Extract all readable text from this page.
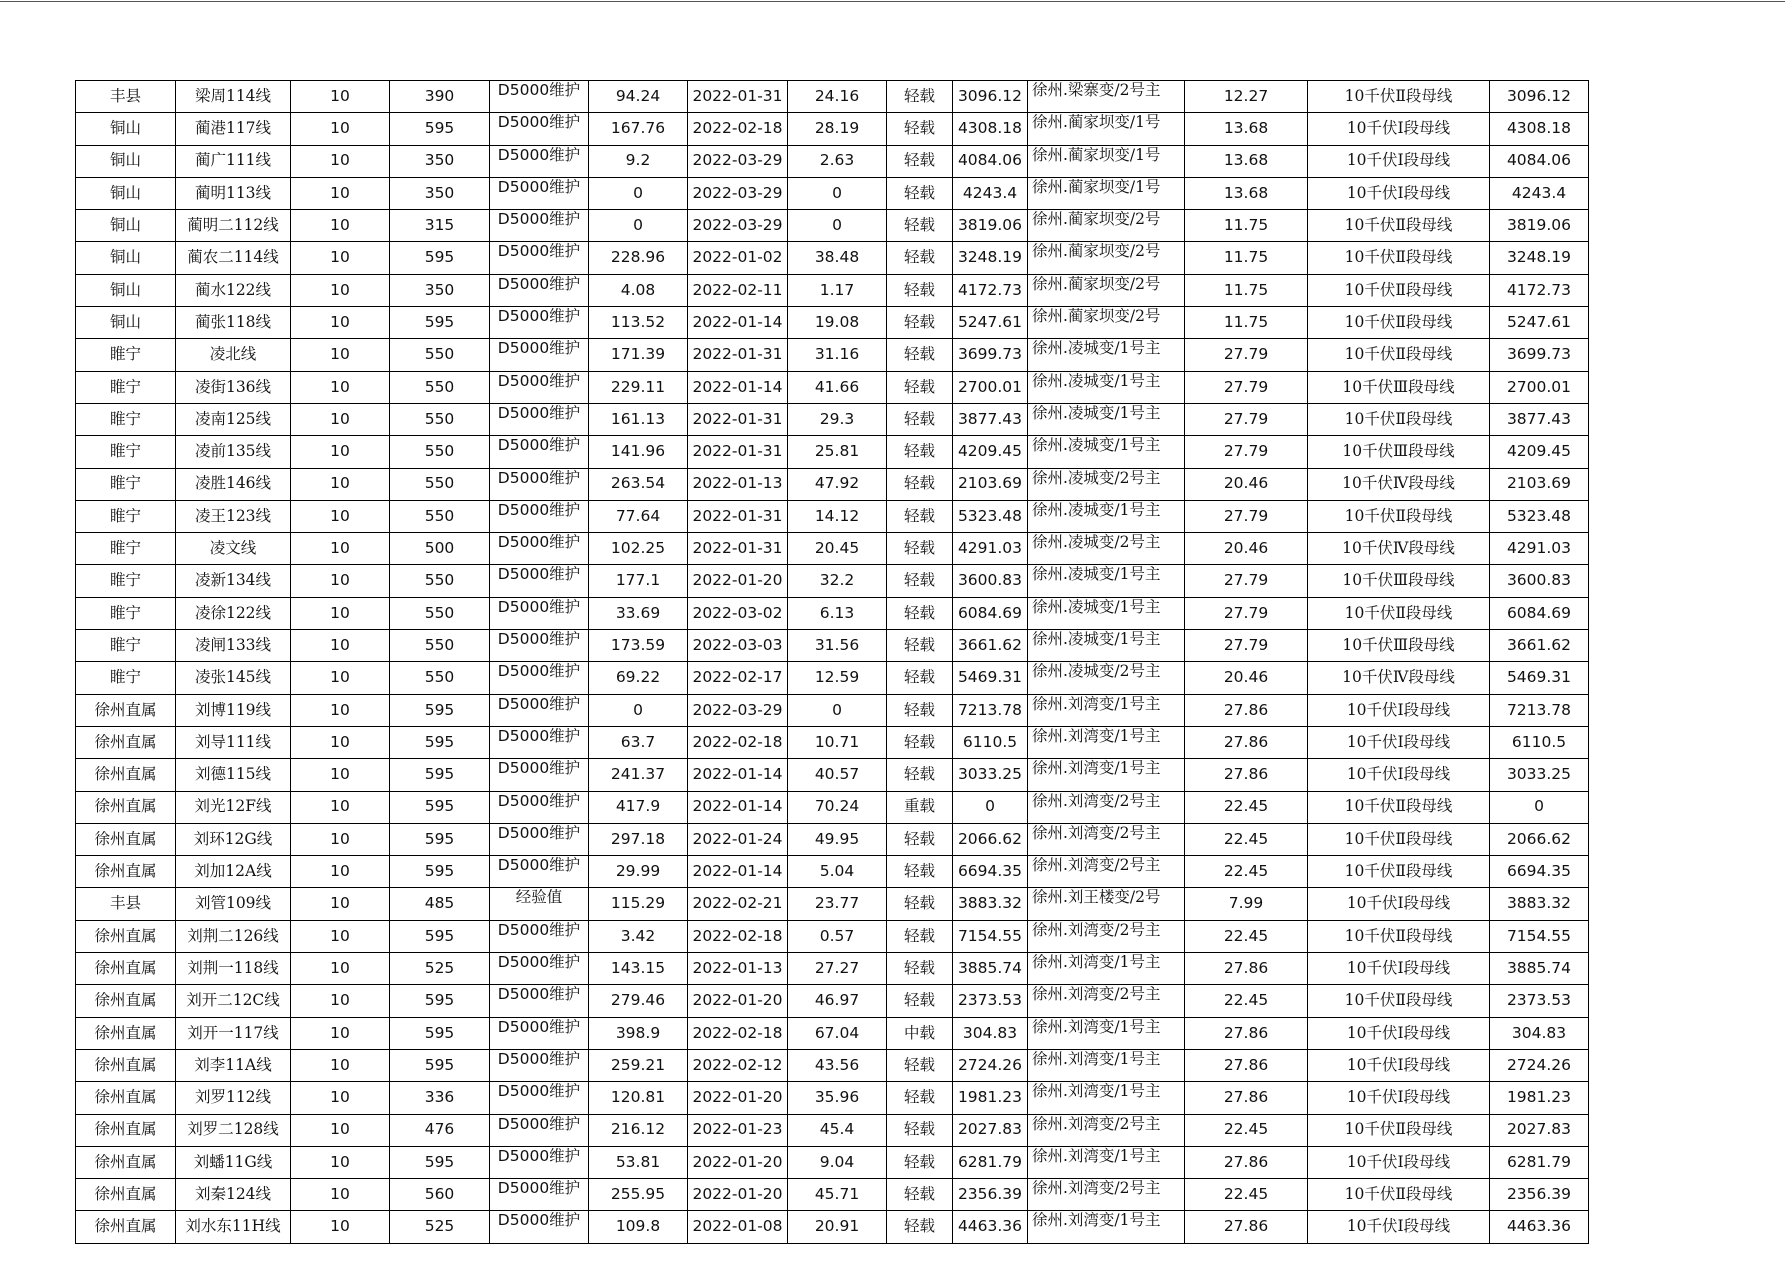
丰县	梁周114线	10	390	D5000维护	94.24	2022-01-31	24.16	轻载	3096.12	徐州.梁寨变/2号主	12.27	10千伏Ⅱ段母线	3096.12
铜山	蔺港117线	10	595	D5000维护	167.76	2022-02-18	28.19	轻载	4308.18	徐州.蔺家坝变/1号	13.68	10千伏Ⅰ段母线	4308.18
铜山	蔺广111线	10	350	D5000维护	9.2	2022-03-29	2.63	轻载	4084.06	徐州.蔺家坝变/1号	13.68	10千伏Ⅰ段母线	4084.06
铜山	蔺明113线	10	350	D5000维护	0	2022-03-29	0	轻载	4243.4	徐州.蔺家坝变/1号	13.68	10千伏Ⅰ段母线	4243.4
铜山	蔺明二112线	10	315	D5000维护	0	2022-03-29	0	轻载	3819.06	徐州.蔺家坝变/2号	11.75	10千伏Ⅱ段母线	3819.06
铜山	蔺农二114线	10	595	D5000维护	228.96	2022-01-02	38.48	轻载	3248.19	徐州.蔺家坝变/2号	11.75	10千伏Ⅱ段母线	3248.19
铜山	蔺水122线	10	350	D5000维护	4.08	2022-02-11	1.17	轻载	4172.73	徐州.蔺家坝变/2号	11.75	10千伏Ⅱ段母线	4172.73
铜山	蔺张118线	10	595	D5000维护	113.52	2022-01-14	19.08	轻载	5247.61	徐州.蔺家坝变/2号	11.75	10千伏Ⅱ段母线	5247.61
睢宁	凌北线	10	550	D5000维护	171.39	2022-01-31	31.16	轻载	3699.73	徐州.凌城变/1号主	27.79	10千伏Ⅱ段母线	3699.73
睢宁	凌街136线	10	550	D5000维护	229.11	2022-01-14	41.66	轻载	2700.01	徐州.凌城变/1号主	27.79	10千伏Ⅲ段母线	2700.01
睢宁	凌南125线	10	550	D5000维护	161.13	2022-01-31	29.3	轻载	3877.43	徐州.凌城变/1号主	27.79	10千伏Ⅱ段母线	3877.43
睢宁	凌前135线	10	550	D5000维护	141.96	2022-01-31	25.81	轻载	4209.45	徐州.凌城变/1号主	27.79	10千伏Ⅲ段母线	4209.45
睢宁	凌胜146线	10	550	D5000维护	263.54	2022-01-13	47.92	轻载	2103.69	徐州.凌城变/2号主	20.46	10千伏Ⅳ段母线	2103.69
睢宁	凌王123线	10	550	D5000维护	77.64	2022-01-31	14.12	轻载	5323.48	徐州.凌城变/1号主	27.79	10千伏Ⅱ段母线	5323.48
睢宁	凌文线	10	500	D5000维护	102.25	2022-01-31	20.45	轻载	4291.03	徐州.凌城变/2号主	20.46	10千伏Ⅳ段母线	4291.03
睢宁	凌新134线	10	550	D5000维护	177.1	2022-01-20	32.2	轻载	3600.83	徐州.凌城变/1号主	27.79	10千伏Ⅲ段母线	3600.83
睢宁	凌徐122线	10	550	D5000维护	33.69	2022-03-02	6.13	轻载	6084.69	徐州.凌城变/1号主	27.79	10千伏Ⅱ段母线	6084.69
睢宁	凌闸133线	10	550	D5000维护	173.59	2022-03-03	31.56	轻载	3661.62	徐州.凌城变/1号主	27.79	10千伏Ⅲ段母线	3661.62
睢宁	凌张145线	10	550	D5000维护	69.22	2022-02-17	12.59	轻载	5469.31	徐州.凌城变/2号主	20.46	10千伏Ⅳ段母线	5469.31
徐州直属	刘博119线	10	595	D5000维护	0	2022-03-29	0	轻载	7213.78	徐州.刘湾变/1号主	27.86	10千伏Ⅰ段母线	7213.78
徐州直属	刘导111线	10	595	D5000维护	63.7	2022-02-18	10.71	轻载	6110.5	徐州.刘湾变/1号主	27.86	10千伏Ⅰ段母线	6110.5
徐州直属	刘德115线	10	595	D5000维护	241.37	2022-01-14	40.57	轻载	3033.25	徐州.刘湾变/1号主	27.86	10千伏Ⅰ段母线	3033.25
徐州直属	刘光12F线	10	595	D5000维护	417.9	2022-01-14	70.24	重载	0	徐州.刘湾变/2号主	22.45	10千伏Ⅱ段母线	0
徐州直属	刘环12G线	10	595	D5000维护	297.18	2022-01-24	49.95	轻载	2066.62	徐州.刘湾变/2号主	22.45	10千伏Ⅱ段母线	2066.62
徐州直属	刘加12A线	10	595	D5000维护	29.99	2022-01-14	5.04	轻载	6694.35	徐州.刘湾变/2号主	22.45	10千伏Ⅱ段母线	6694.35
丰县	刘管109线	10	485	经验值	115.29	2022-02-21	23.77	轻载	3883.32	徐州.刘王楼变/2号	7.99	10千伏Ⅰ段母线	3883.32
徐州直属	刘荆二126线	10	595	D5000维护	3.42	2022-02-18	0.57	轻载	7154.55	徐州.刘湾变/2号主	22.45	10千伏Ⅱ段母线	7154.55
徐州直属	刘荆一118线	10	525	D5000维护	143.15	2022-01-13	27.27	轻载	3885.74	徐州.刘湾变/1号主	27.86	10千伏Ⅰ段母线	3885.74
徐州直属	刘开二12C线	10	595	D5000维护	279.46	2022-01-20	46.97	轻载	2373.53	徐州.刘湾变/2号主	22.45	10千伏Ⅱ段母线	2373.53
徐州直属	刘开一117线	10	595	D5000维护	398.9	2022-02-18	67.04	中载	304.83	徐州.刘湾变/1号主	27.86	10千伏Ⅰ段母线	304.83
徐州直属	刘李11A线	10	595	D5000维护	259.21	2022-02-12	43.56	轻载	2724.26	徐州.刘湾变/1号主	27.86	10千伏Ⅰ段母线	2724.26
徐州直属	刘罗112线	10	336	D5000维护	120.81	2022-01-20	35.96	轻载	1981.23	徐州.刘湾变/1号主	27.86	10千伏Ⅰ段母线	1981.23
徐州直属	刘罗二128线	10	476	D5000维护	216.12	2022-01-23	45.4	轻载	2027.83	徐州.刘湾变/2号主	22.45	10千伏Ⅱ段母线	2027.83
徐州直属	刘蟠11G线	10	595	D5000维护	53.81	2022-01-20	9.04	轻载	6281.79	徐州.刘湾变/1号主	27.86	10千伏Ⅰ段母线	6281.79
徐州直属	刘秦124线	10	560	D5000维护	255.95	2022-01-20	45.71	轻载	2356.39	徐州.刘湾变/2号主	22.45	10千伏Ⅱ段母线	2356.39
徐州直属	刘水东11H线	10	525	D5000维护	109.8	2022-01-08	20.91	轻载	4463.36	徐州.刘湾变/1号主	27.86	10千伏Ⅰ段母线	4463.36
